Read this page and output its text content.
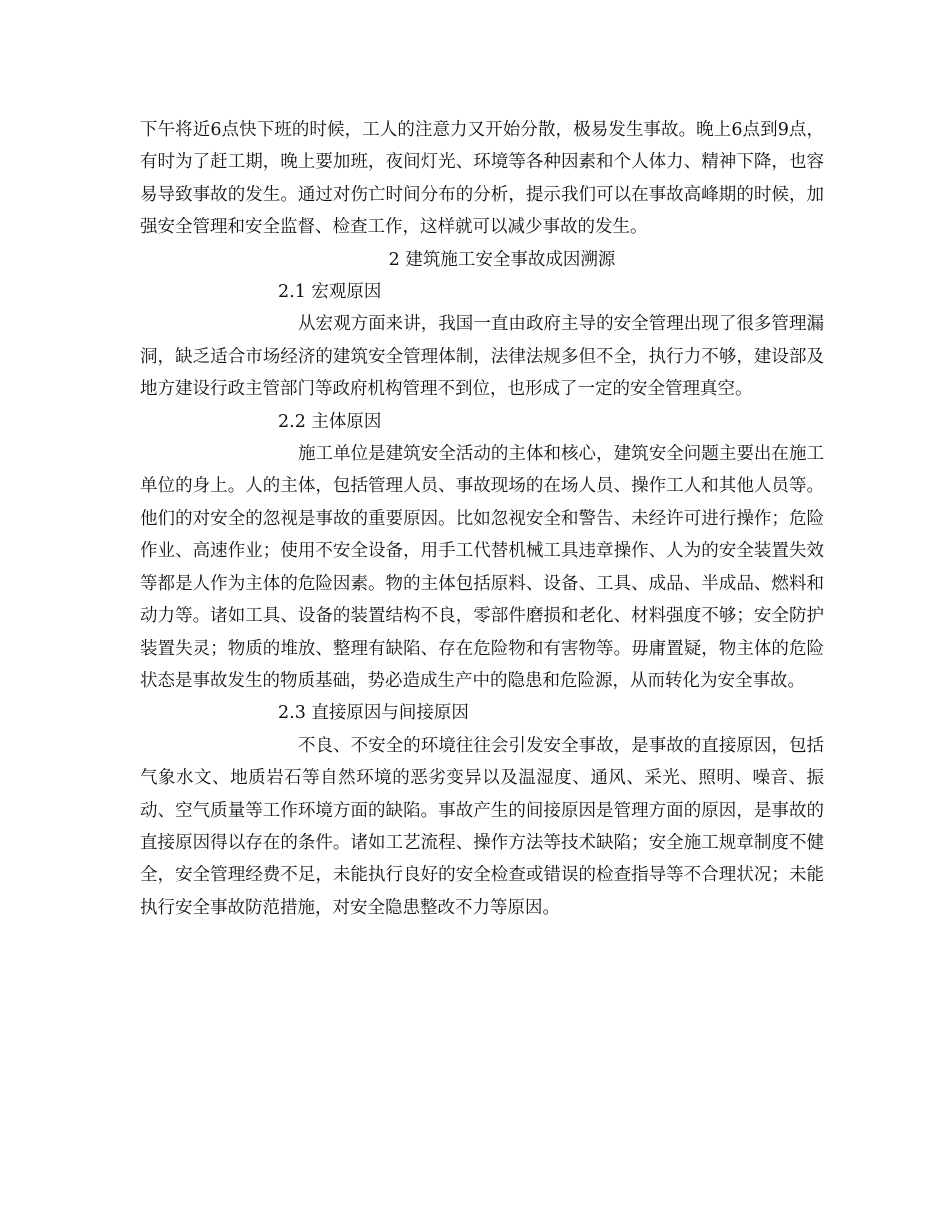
下午将近6点快下班的时候，工人的注意力又开始分散，极易发生事故。晚上6点到9点，有时为了赶工期，晚上要加班，夜间灯光、环境等各种因素和个人体力、精神下降，也容易导致事故的发生。通过对伤亡时间分布的分析，提示我们可以在事故高峰期的时候，加强安全管理和安全监督、检查工作，这样就可以减少事故的发生。

2 建筑施工安全事故成因溯源

2.1 宏观原因

从宏观方面来讲，我国一直由政府主导的安全管理出现了很多管理漏洞，缺乏适合市场经济的建筑安全管理体制，法律法规多但不全，执行力不够，建设部及地方建设行政主管部门等政府机构管理不到位，也形成了一定的安全管理真空。

2.2 主体原因

施工单位是建筑安全活动的主体和核心，建筑安全问题主要出在施工单位的身上。人的主体，包括管理人员、事故现场的在场人员、操作工人和其他人员等。他们的对安全的忽视是事故的重要原因。比如忽视安全和警告、未经许可进行操作；危险作业、高速作业；使用不安全设备，用手工代替机械工具违章操作、人为的安全装置失效等都是人作为主体的危险因素。物的主体包括原料、设备、工具、成品、半成品、燃料和动力等。诸如工具、设备的装置结构不良，零部件磨损和老化、材料强度不够；安全防护装置失灵；物质的堆放、整理有缺陷、存在危险物和有害物等。毋庸置疑，物主体的危险状态是事故发生的物质基础，势必造成生产中的隐患和危险源，从而转化为安全事故。

2.3 直接原因与间接原因

不良、不安全的环境往往会引发安全事故，是事故的直接原因，包括气象水文、地质岩石等自然环境的恶劣变异以及温湿度、通风、采光、照明、噪音、振动、空气质量等工作环境方面的缺陷。事故产生的间接原因是管理方面的原因，是事故的直接原因得以存在的条件。诸如工艺流程、操作方法等技术缺陷；安全施工规章制度不健全，安全管理经费不足，未能执行良好的安全检查或错误的检查指导等不合理状况；未能执行安全事故防范措施，对安全隐患整改不力等原因。
